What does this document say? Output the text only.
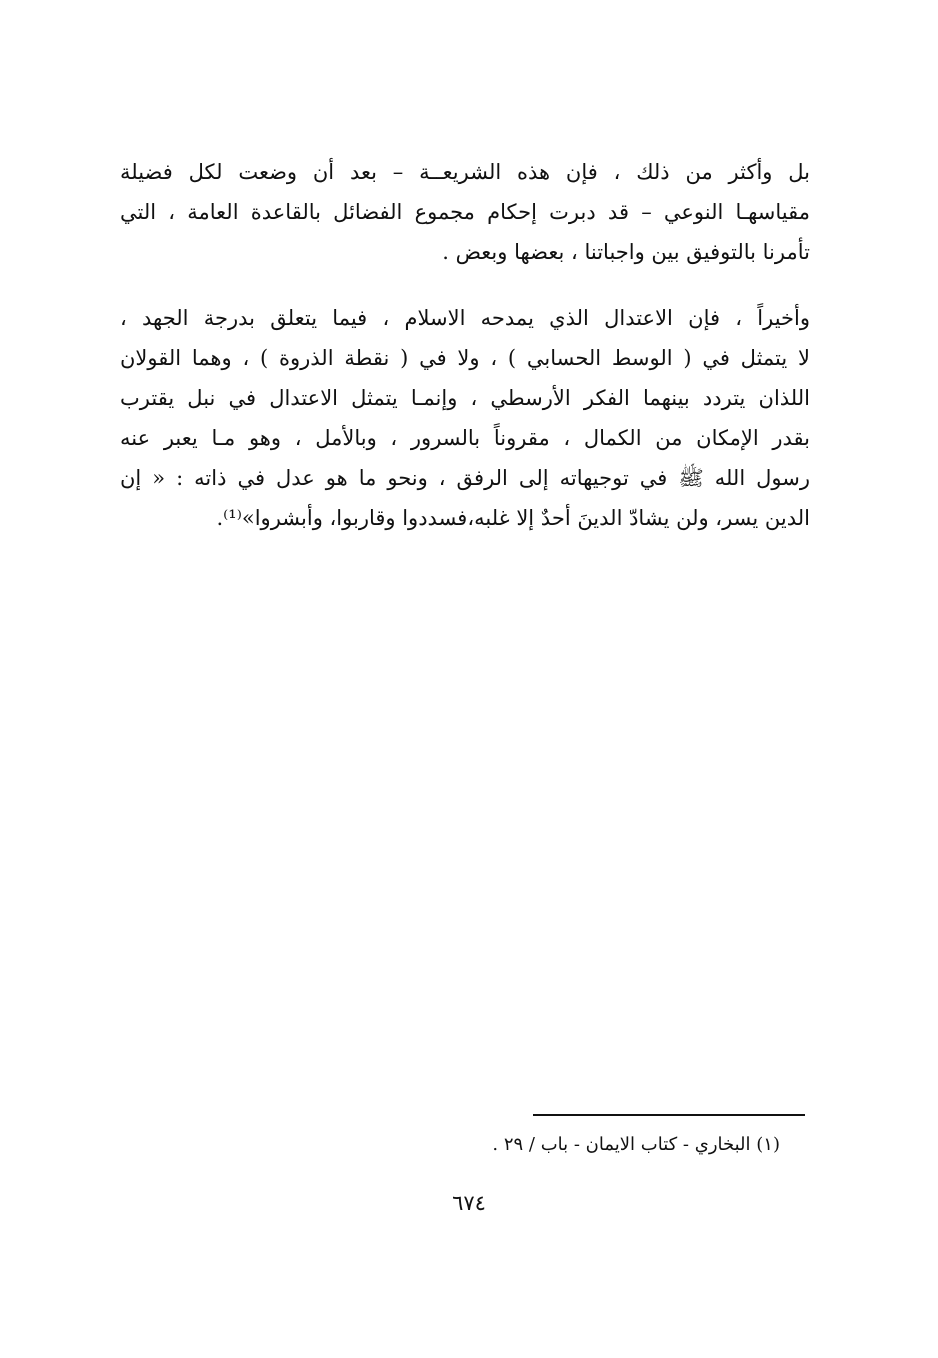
بل وأكثر من ذلك ، فإن هذه الشريعــة – بعد أن وضعت لكل فضيلة
مقياسهـا النوعي – قد دبرت إحكام مجموع الفضائل بالقاعدة العامة ، التي
تأمرنا بالتوفيق بين واجباتنا ، بعضها وبعض .
وأخيراً ، فإن الاعتدال الذي يمدحه الاسلام ، فيما يتعلق بدرجة الجهد ،
لا يتمثل في ( الوسط الحسابي ) ، ولا في ( نقطة الذروة ) ، وهما القولان
اللذان يتردد بينهما الفكر الأرسطي ، وإنمـا يتمثل الاعتدال في نبل يقترب
بقدر الإمكان من الكمال ، مقروناً بالسرور ، وبالأمل ، وهو مـا يعبر عنه
رسول الله ﷺ في توجيهاته إلى الرفق ، ونحو ما هو عدل في ذاته : « إن
الدين يسر، ولن يشادّ الدينَ أحدٌ إلا غلبه،فسددوا وقاربوا، وأبشروا»⁽¹⁾.
(١) البخاري - كتاب الايمان - باب / ٢٩ .
٦٧٤
